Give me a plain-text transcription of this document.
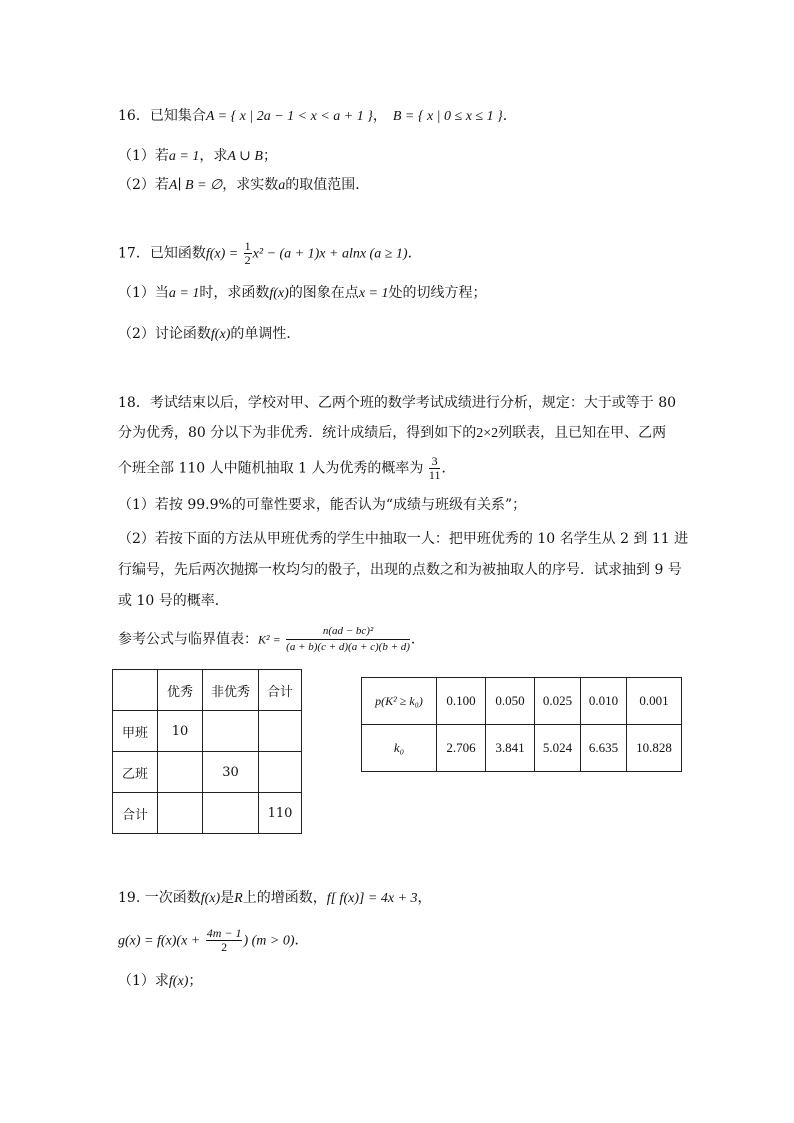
16．已知集合A = { x | 2a − 1 < x < a + 1 }， B = { x | 0 ≤ x ≤ 1 }．
（1）若a = 1，求A ∪ B；
（2）若A∣ B = ∅，求实数a的取值范围．
17．已知函数$f(x) = \frac{1}{2} x^2 - (a + 1)x + alnx$ (a ≥ 1)．
（1）当a = 1时，求函数f(x)的图象在点x = 1处的切线方程；
（2）讨论函数f(x)的单调性．
18．考试结束以后，学校对甲、乙两个班的数学考试成绩进行分析，规定：大于或等于 80
分为优秀，80 分以下为非优秀．统计成绩后，得到如下的2×2列联表，且已知在甲、乙两
个班全部 110 人中随机抽取 1 人为优秀的概率为 $\frac{3}{11}$ ．
（1）若按 99.9%的可靠性要求，能否认为“成绩与班级有关系”；
（2）若按下面的方法从甲班优秀的学生中抽取一人：把甲班优秀的 10 名学生从 2 到 11 进
行编号，先后两次抛掷一枚均匀的骰子，出现的点数之和为被抽取人的序号．试求抽到 9 号
或 10 号的概率．
参考公式与临界值表：$K^2 = \frac{\text{n(ad − bc)²}}{(a + b)(c + d)(a + c)(b + d)}$ ．
	优秀	非优秀	合计
甲班	10		
乙班		30	
合计			110
p(K² ≥ k₀)	0.100	0.050	0.025	0.010	0.001
k₀	2.706	3.841	5.024	6.635	10.828
19. 一次函数f(x)是R上的增函数，f[ f(x)] = 4x + 3，
$g(x) = f(x)(x + \frac{4m - 1}{2}$ ) (m > 0)．
（1）求f(x)；
